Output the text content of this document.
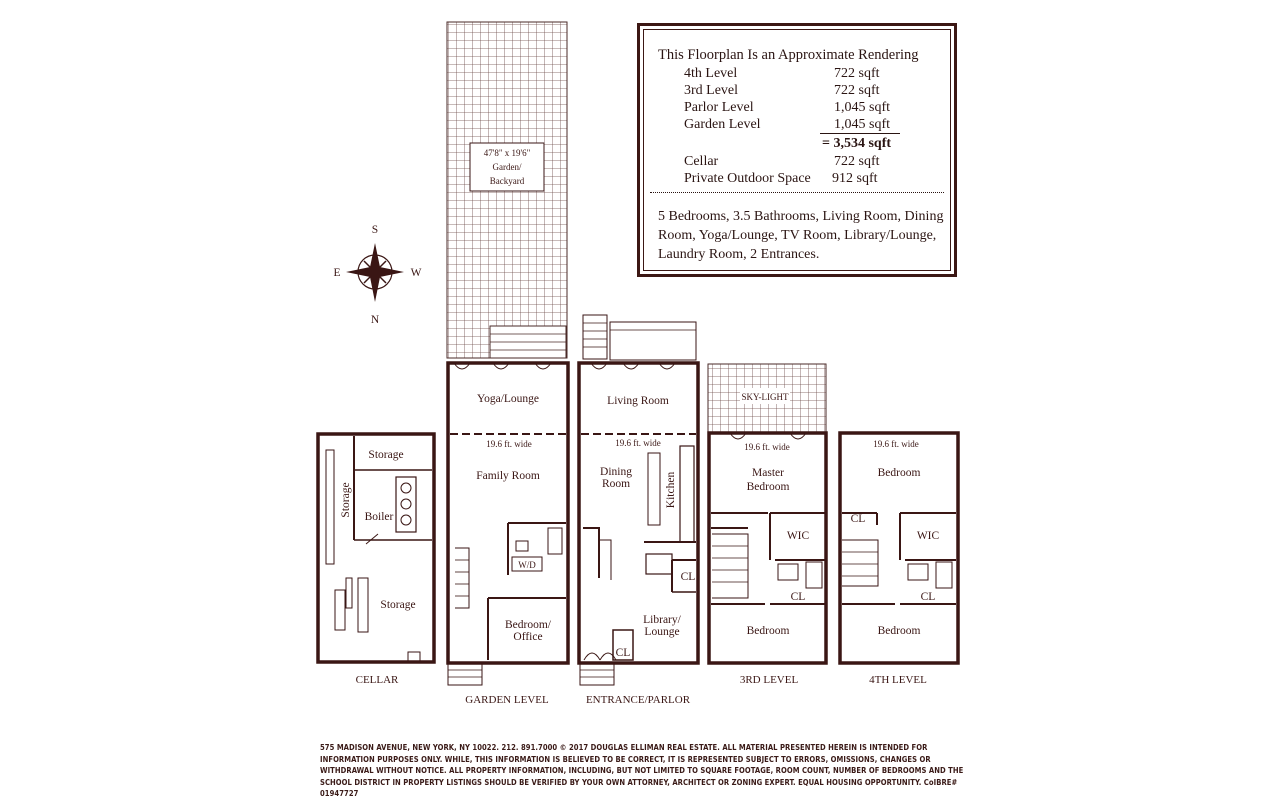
47'8" x 19'6"
Garden/
Backyard
S
E	W
N
Storage
Storage Boiler
Storage
CELLAR
Yoga/Lounge
19.6 ft. wide
Family Room
W/D
Bedroom/
Office
GARDEN LEVEL
Living Room
19.6 ft. wide
Dining
Room	Kitchen
CL
Library/
Lounge
CL
ENTRANCE/PARLOR
SKY-LIGHT
19.6 ft. wide
Master
Bedroom
WIC
CL
Bedroom
3RD LEVEL
19.6 ft. wide
Bedroom
CL
WIC
CL
Bedroom
4TH LEVEL
This Floorplan Is an Approximate Rendering
4th Level	722 sqft
3rd Level	722 sqft
Parlor Level	1,045 sqft
Garden Level	1,045 sqft
= 3,534 sqft
Cellar	722 sqft
Private Outdoor Space 912 sqft
5 Bedrooms, 3.5 Bathrooms, Living Room, Dining Room, Yoga/Lounge, TV Room, Library/Lounge, Laundry Room, 2 Entrances.
575 MADISON AVENUE, NEW YORK, NY 10022. 212. 891.7000 © 2017 DOUGLAS ELLIMAN REAL ESTATE. ALL MATERIAL PRESENTED HEREIN IS INTENDED FOR INFORMATION PURPOSES ONLY. WHILE, THIS INFORMATION IS BELIEVED TO BE CORRECT, IT IS REPRESENTED SUBJECT TO ERRORS, OMISSIONS, CHANGES OR WITHDRAWAL WITHOUT NOTICE. ALL PROPERTY INFORMATION, INCLUDING, BUT NOT LIMITED TO SQUARE FOOTAGE, ROOM COUNT, NUMBER OF BEDROOMS AND THE SCHOOL DISTRICT IN PROPERTY LISTINGS SHOULD BE VERIFIED BY YOUR OWN ATTORNEY, ARCHITECT OR ZONING EXPERT. EQUAL HOUSING OPPORTUNITY. CoIBRE# 01947727
